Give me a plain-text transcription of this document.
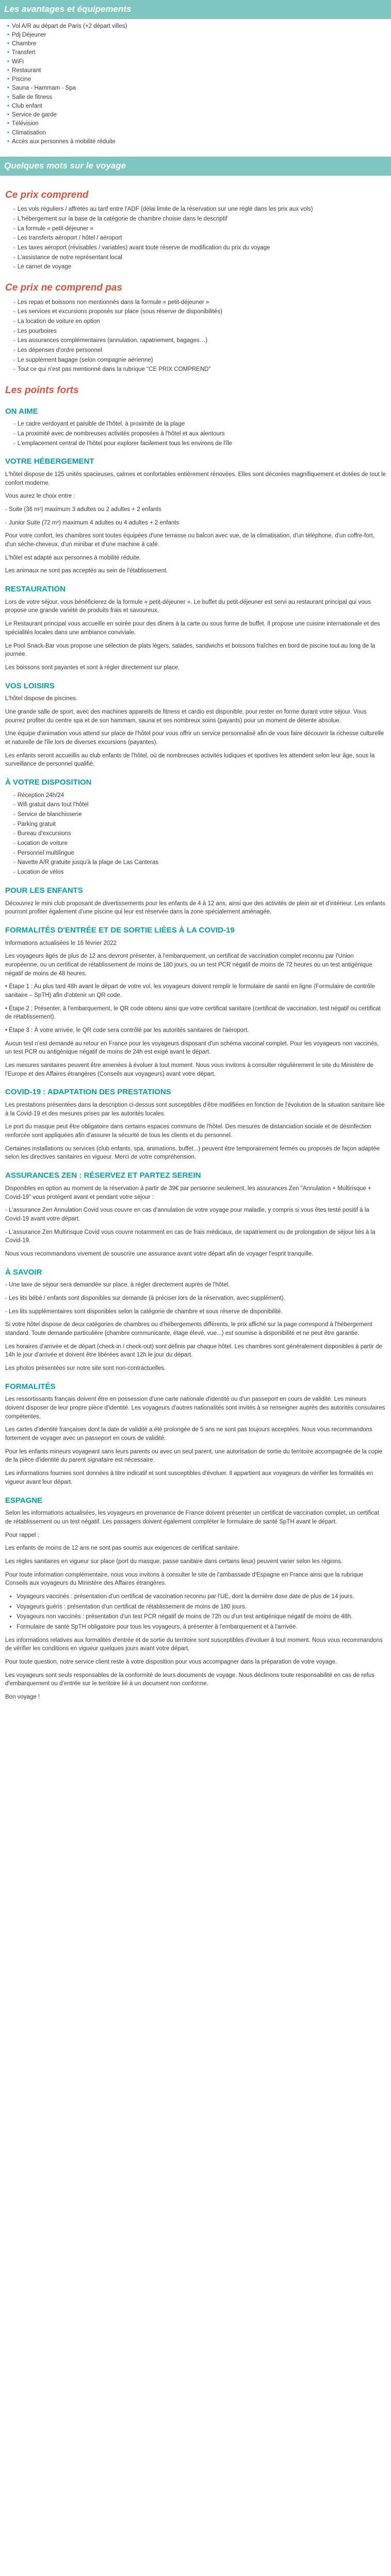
Les avantages et équipements
• Vol A/R au départ de Paris (+2 départ villes)
• Pdj Déjeuner
• Chambre
• Transfert
• WiFi
• Restaurant
• Piscine
• Sauna - Hammam - Spa
• Salle de fitness
• Club enfant
• Service de garde
• Télévision
• Climatisation
• Accès aux personnes à mobilité réduite
Quelques mots sur le voyage
Ce prix comprend
- Les vols réguliers / affrètés au tarif entre l'ADF (délai limite de la réservation sur une réglé dans les prix aux vols)
- L'hébergement sur la base de la catégorie de chambre choisie dans le descriptif
- La formule « petit-déjeuner »
- Les transferts aéroport / hôtel / aéroport
- Les taxes aéroport (révisables / variables) avant toute réserve de modification du prix du voyage
- L'assistance de notre représentant local
- Le carnet de voyage
Ce prix ne comprend pas
- Les repas et boissons non mentionnés dans la formule « petit-déjeuner »
- Les services et excursions proposés sur place (sous réserve de disponibilités)
- La location de voiture en option
- Les pourboires
- Les assurances complémentaires (annulation, rapatriement, bagages…)
- Les dépenses d'ordre personnel
- Le supplément bagage (selon compagnie aérienne)
- Tout ce qui n'est pas mentionné dans la rubrique "CE PRIX COMPREND"
Les points forts
ON AIME
- Le cadre verdoyant et paisible de l'hôtel, à proximité de la plage
- La proximité avec de nombreuses activités proposées à l'hôtel et aux alentours
- L'emplacement central de l'hôtel pour explorer facilement tous les environs de l'île
VOTRE HÉBERGEMENT

L'hôtel dispose de 125 unités spacieuses, calmes et confortables entièrement rénovées. Elles sont décorées magnifiquement et dotées de tout le confort moderne.

Vous aurez le choix entre :

- Suite (36 m²) maximum 3 adultes ou 2 adultes + 2 enfants

- Junior Suite (72 m²) maximum 4 adultes ou 4 adultes + 2 enfants

Pour votre confort, les chambres sont toutes équipées d'une terrasse ou balcon avec vue, de la climatisation, d'un téléphone, d'un coffre-fort, d'un sèche-cheveux, d'un minibar et d'une machine à café.

L'hôtel est adapté aux personnes à mobilité réduite.

Les animaux ne sont pas acceptés au sein de l'établissement.

RESTAURATION

Lors de votre séjour, vous bénéficierez de la formule « petit-déjeuner ». Le buffet du petit-déjeuner est servi au restaurant principal qui vous propose une grande variété de produits frais et savoureux.

Le Restaurant principal vous accueille en soirée pour des dîners à la carte ou sous forme de buffet. Il propose une cuisine internationale et des spécialités locales dans une ambiance conviviale.

Le Pool Snack-Bar vous propose une sélection de plats légers, salades, sandwichs et boissons fraîches en bord de piscine tout au long de la journée.

Les boissons sont payantes et sont à régler directement sur place.

VOS LOISIRS

L'hôtel dispose de piscines.

Une grande salle de sport, avec des machines appareils de fitness et cardio est disponible, pour rester en forme durant votre séjour. Vous pourrez profiter du centre spa et de son hammam, sauna et ses nombreux soins (payants) pour un moment de détente absolue.

Une équipe d'animation vous attend sur place de l'hôtel pour vous offrir un service personnalisé afin de vous faire découvrir la richesse culturelle et naturelle de l'île lors de diverses excursions (payantes).

Les enfants seront accueillis au club enfants de l'hôtel, où de nombreuses activités ludiques et sportives les attendent selon leur âge, sous la surveillance de personnel qualifié.

À VOTRE DISPOSITION
- Réception 24h/24
- Wifi gratuit dans tout l'hôtel
- Service de blanchisserie
- Parking gratuit
- Bureau d'excursions
- Location de voiture
- Personnel multilingue
- Navette A/R gratuite jusqu'à la plage de Las Canteras
- Location de vélos
POUR LES ENFANTS

Découvrez le mini club proposant de divertissements pour les enfants de 4 à 12 ans, ainsi que des activités de plein air et d'intérieur. Les enfants pourront profiter également d'une piscine qui leur est réservée dans la zone spécialement aménagée.

FORMALITÉS D'ENTRÉE ET DE SORTIE LIÉES À LA COVID-19

Informations actualisées le 16 février 2022

Les voyageurs âgés de plus de 12 ans devront présenter, à l'embarquement, un certificat de vaccination complet reconnu par l'Union européenne, ou un certificat de rétablissement de moins de 180 jours, ou un test PCR négatif de moins de 72 heures ou un test antigénique négatif de moins de 48 heures.

• Étape 1 : Au plus tard 48h avant le départ de votre vol, les voyageurs doivent remplir le formulaire de santé en ligne (Formulaire de contrôle sanitaire – SpTH) afin d'obtenir un QR code.

• Étape 2 : Présenter, à l'embarquement, le QR code obtenu ainsi que votre certificat sanitaire (certificat de vaccination, test négatif ou certificat de rétablissement).

• Étape 3 : À votre arrivée, le QR code sera contrôlé par les autorités sanitaires de l'aéroport.

Aucun test n'est demandé au retour en France pour les voyageurs disposant d'un schéma vaccinal complet. Pour les voyageurs non vaccinés, un test PCR ou antigénique négatif de moins de 24h est exigé avant le départ.

Les mesures sanitaires peuvent être amenées à évoluer à tout moment. Nous vous invitons à consulter régulièrement le site du Ministère de l'Europe et des Affaires étrangères (Conseils aux voyageurs) avant votre départ.

COVID-19 : ADAPTATION DES PRESTATIONS

Les prestations présentées dans la description ci-dessus sont susceptibles d'être modifiées en fonction de l'évolution de la situation sanitaire liée à la Covid-19 et des mesures prises par les autorités locales.

Le port du masque peut être obligatoire dans certains espaces communs de l'hôtel. Des mesures de distanciation sociale et de désinfection renforcée sont appliquées afin d'assurer la sécurité de tous les clients et du personnel.

Certaines installations ou services (club enfants, spa, animations, buffet...) peuvent être temporairement fermés ou proposés de façon adaptée selon les directives sanitaires en vigueur. Merci de votre compréhension.

ASSURANCES ZEN : RÉSERVEZ ET PARTEZ SEREIN

Disponibles en option au moment de la réservation à partir de 39€ par personne seulement, les assurances Zen "Annulation + Multirisque + Covid-19" vous protègent avant et pendant votre séjour :

- L'assurance Zen Annulation Covid vous couvre en cas d'annulation de votre voyage pour maladie, y compris si vous êtes testé positif à la Covid-19 avant votre départ.

- L'assurance Zen Multirisque Covid vous couvre notamment en cas de frais médicaux, de rapatriement ou de prolongation de séjour liés à la Covid-19.

Nous vous recommandons vivement de souscrire une assurance avant votre départ afin de voyager l'esprit tranquille.

À SAVOIR

- Une taxe de séjour sera demandée sur place, à régler directement auprès de l'hôtel.

- Les lits bébé / enfants sont disponibles sur demande (à préciser lors de la réservation, avec supplément).

- Les lits supplémentaires sont disponibles selon la catégorie de chambre et sous réserve de disponibilité.

Si votre hôtel dispose de deux catégories de chambres ou d'hébergements différents, le prix affiché sur la page correspond à l'hébergement standard. Toute demande particulière (chambre communicante, étage élevé, vue...) est soumise à disponibilité et ne peut être garantie.

Les horaires d'arrivée et de départ (check-in / check-out) sont définis par chaque hôtel. Les chambres sont généralement disponibles à partir de 14h le jour d'arrivée et doivent être libérées avant 12h le jour du départ.

Les photos présentées sur notre site sont non-contractuelles.

FORMALITÉS

Les ressortissants français doivent être en possession d'une carte nationale d'identité ou d'un passeport en cours de validité. Les mineurs doivent disposer de leur propre pièce d'identité. Les voyageurs d'autres nationalités sont invités à se renseigner auprès des autorités consulaires compétentes.

Les cartes d'identité françaises dont la date de validité a été prolongée de 5 ans ne sont pas toujours acceptées. Nous vous recommandons fortement de voyager avec un passeport en cours de validité.

Pour les enfants mineurs voyageant sans leurs parents ou avec un seul parent, une autorisation de sortie du territoire accompagnée de la copie de la pièce d'identité du parent signataire est nécessaire.

Les informations fournies sont données à titre indicatif et sont susceptibles d'évoluer. Il appartient aux voyageurs de vérifier les formalités en vigueur avant leur départ.

ESPAGNE

Selon les informations actualisées, les voyageurs en provenance de France doivent présenter un certificat de vaccination complet, un certificat de rétablissement ou un test négatif. Les passagers doivent également compléter le formulaire de santé SpTH avant le départ.

Pour rappel :

Les enfants de moins de 12 ans ne sont pas soumis aux exigences de certificat sanitaire.

Les règles sanitaires en vigueur sur place (port du masque, passe sanitaire dans certains lieux) peuvent varier selon les régions.

Pour toute information complémentaire, nous vous invitons à consulter le site de l'ambassade d'Espagne en France ainsi que la rubrique Conseils aux voyageurs du Ministère des Affaires étrangères.

• Voyageurs vaccinés : présentation d'un certificat de vaccination reconnu par l'UE, dont la dernière dose date de plus de 14 jours.
• Voyageurs guéris : présentation d'un certificat de rétablissement de moins de 180 jours.
• Voyageurs non vaccinés : présentation d'un test PCR négatif de moins de 72h ou d'un test antigénique négatif de moins de 48h.
• Formulaire de santé SpTH obligatoire pour tous les voyageurs, à présenter à l'embarquement et à l'arrivée.

Les informations relatives aux formalités d'entrée et de sortie du territoire sont susceptibles d'évoluer à tout moment. Nous vous recommandons de vérifier les conditions en vigueur quelques jours avant votre départ.

Pour toute question, notre service client reste à votre disposition pour vous accompagner dans la préparation de votre voyage.

Les voyageurs sont seuls responsables de la conformité de leurs documents de voyage. Nous déclinons toute responsabilité en cas de refus d'embarquement ou d'entrée sur le territoire lié à un document non conforme.

Bon voyage !
